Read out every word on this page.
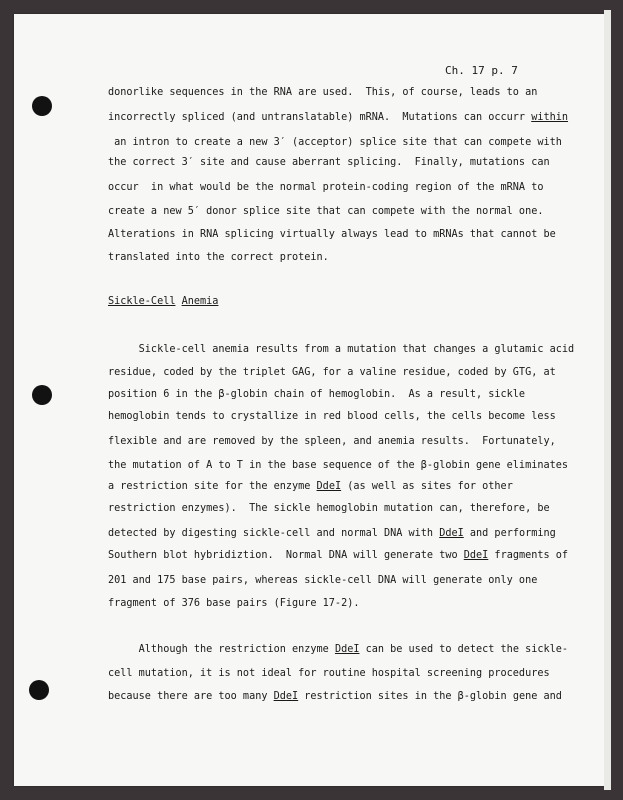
Ch. 17 p. 7
donorlike sequences in the RNA are used.  This, of course, leads to an
incorrectly spliced (and untranslatable) mRNA.  Mutations can occurr within
an intron to create a new 3′ (acceptor) splice site that can compete with
the correct 3′ site and cause aberrant splicing.  Finally, mutations can
occur  in what would be the normal protein-coding region of the mRNA to
create a new 5′ donor splice site that can compete with the normal one.
Alterations in RNA splicing virtually always lead to mRNAs that cannot be
translated into the correct protein.
Sickle-Cell Anemia
Sickle-cell anemia results from a mutation that changes a glutamic acid
residue, coded by the triplet GAG, for a valine residue, coded by GTG, at
position 6 in the β-globin chain of hemoglobin.  As a result, sickle
hemoglobin tends to crystallize in red blood cells, the cells become less
flexible and are removed by the spleen, and anemia results.  Fortunately,
the mutation of A to T in the base sequence of the β-globin gene eliminates
a restriction site for the enzyme DdeI (as well as sites for other
restriction enzymes).  The sickle hemoglobin mutation can, therefore, be
detected by digesting sickle-cell and normal DNA with DdeI and performing
Southern blot hybridiztion.  Normal DNA will generate two DdeI fragments of
201 and 175 base pairs, whereas sickle-cell DNA will generate only one
fragment of 376 base pairs (Figure 17-2).
Although the restriction enzyme DdeI can be used to detect the sickle-
cell mutation, it is not ideal for routine hospital screening procedures
because there are too many DdeI restriction sites in the β-globin gene and
